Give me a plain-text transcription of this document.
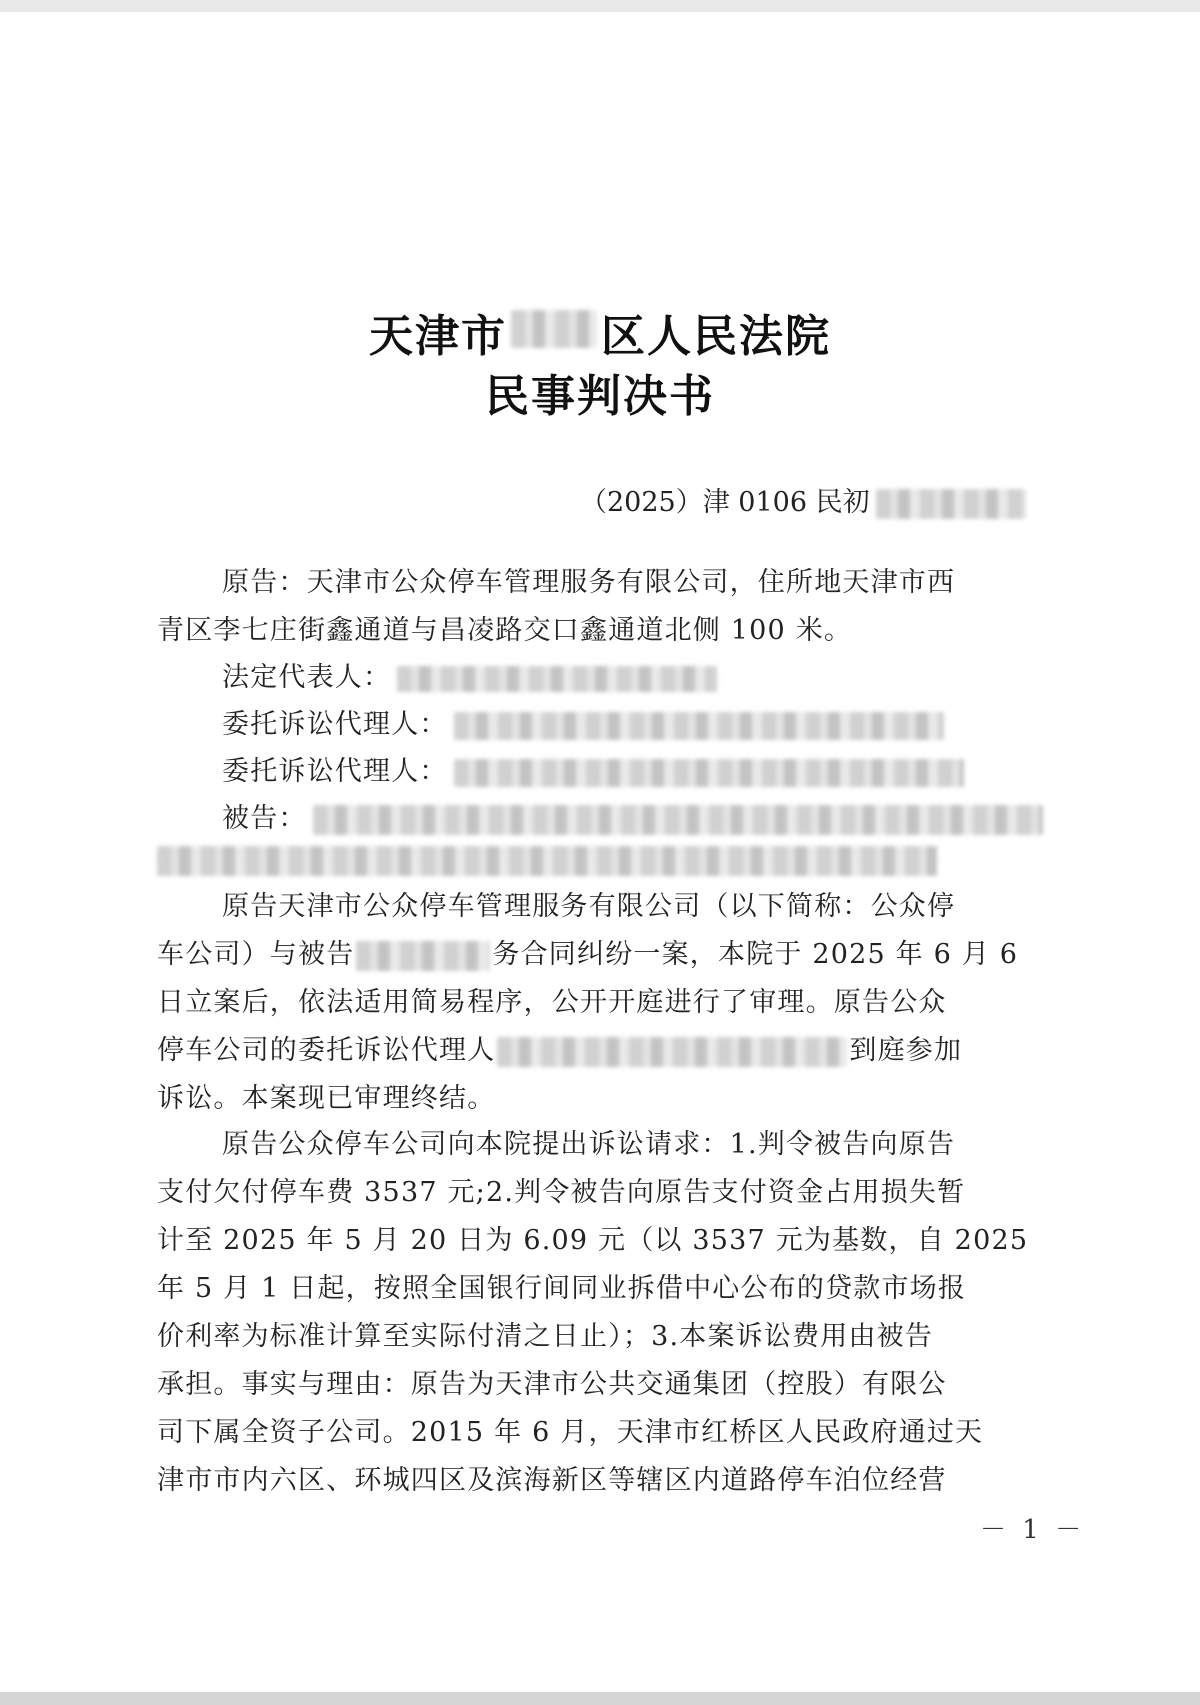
天津市 区人民法院
民事判决书
（2025）津 0106 民初
原告：天津市公众停车管理服务有限公司，住所地天津市西
青区李七庄街鑫通道与昌凌路交口鑫通道北侧 100 米。
法定代表人：
委托诉讼代理人：
委托诉讼代理人：
被告：
原告天津市公众停车管理服务有限公司（以下简称：公众停
车公司）与被告	务合同纠纷一案，本院于 2025 年 6 月 6
日立案后，依法适用简易程序，公开开庭进行了审理。原告公众
停车公司的委托诉讼代理人	到庭参加
诉讼。本案现已审理终结。
原告公众停车公司向本院提出诉讼请求：1.判令被告向原告
支付欠付停车费 3537 元;2.判令被告向原告支付资金占用损失暂
计至 2025 年 5 月 20 日为 6.09 元（以 3537 元为基数，自 2025
年 5 月 1 日起，按照全国银行间同业拆借中心公布的贷款市场报
价利率为标准计算至实际付清之日止）；3.本案诉讼费用由被告
承担。事实与理由：原告为天津市公共交通集团（控股）有限公
司下属全资子公司。2015 年 6 月，天津市红桥区人民政府通过天
津市市内六区、环城四区及滨海新区等辖区内道路停车泊位经营
－ 1 －
